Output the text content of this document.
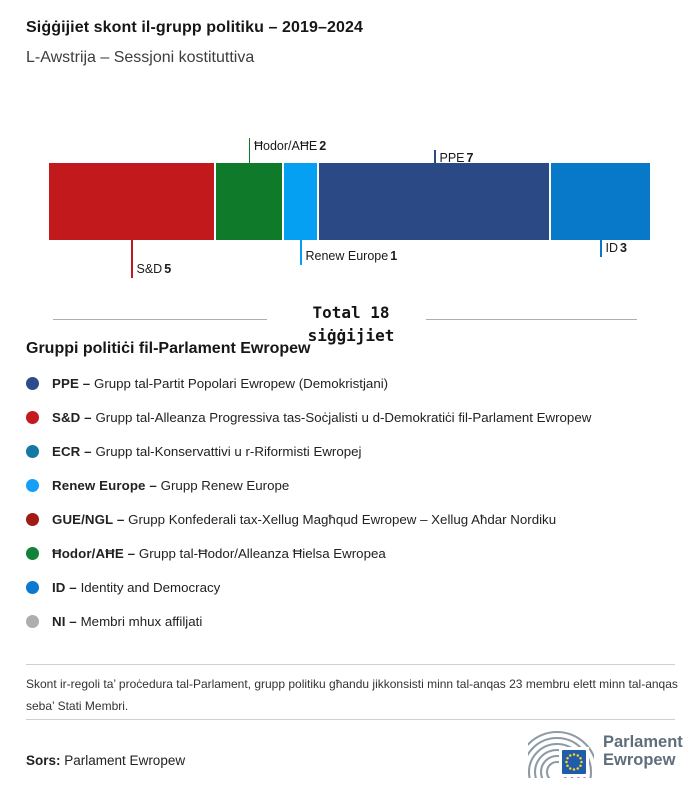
Siġġijiet skont il-grupp politiku – 2019–2024
L-Awstrija – Sessjoni kostituttiva
S&D 5
Ħodor/AĦE 2
Renew Europe 1
PPE 7
ID 3
Total 18
siġġijiet
Gruppi politiċi fil-Parlament Ewropew
PPE – Grupp tal-Partit Popolari Ewropew (Demokristjani)
S&D – Grupp tal-Alleanza Progressiva tas-Soċjalisti u d-Demokratiċi fil-Parlament Ewropew
ECR – Grupp tal-Konservattivi u r-Riformisti Ewropej
Renew Europe – Grupp Renew Europe
GUE/NGL – Grupp Konfederali tax-Xellug Magħqud Ewropew – Xellug Aħdar Nordiku
Ħodor/AĦE – Grupp tal-Ħodor/Alleanza Ħielsa Ewropea
ID – Identity and Democracy
NI – Membri mhux affiljati
Skont ir-regoli ta’ proċedura tal-Parlament, grupp politiku għandu jikkonsisti minn tal-anqas 23 membru elett minn tal-anqas seba’ Stati Membri.
Sors: Parlament Ewropew
Parlament
Ewropew
